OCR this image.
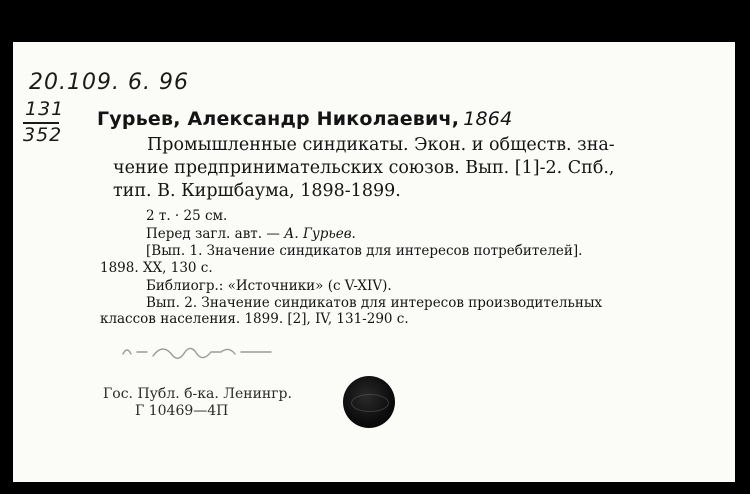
20.109. 6. 96
131
352
Гурьев, Александр Николаевич, 1864
Промышленные синдикаты. Экон. и обществ. зна-
чение предпринимательских союзов. Вып. [1]-2. Спб.,
тип. В. Киршбаума, 1898-1899.
2 т. · 25 см.
Перед загл. авт. — А. Гурьев.
[Вып. 1. Значение синдикатов для интересов потребителей].
1898. XX, 130 с.
Библиогр.: «Источники» (с V-XIV).
Вып. 2. Значение синдикатов для интересов производительных
классов населения. 1899. [2], IV, 131-290 с.
Гос. Публ. б-ка. Ленингр.
Г 10469—4П
